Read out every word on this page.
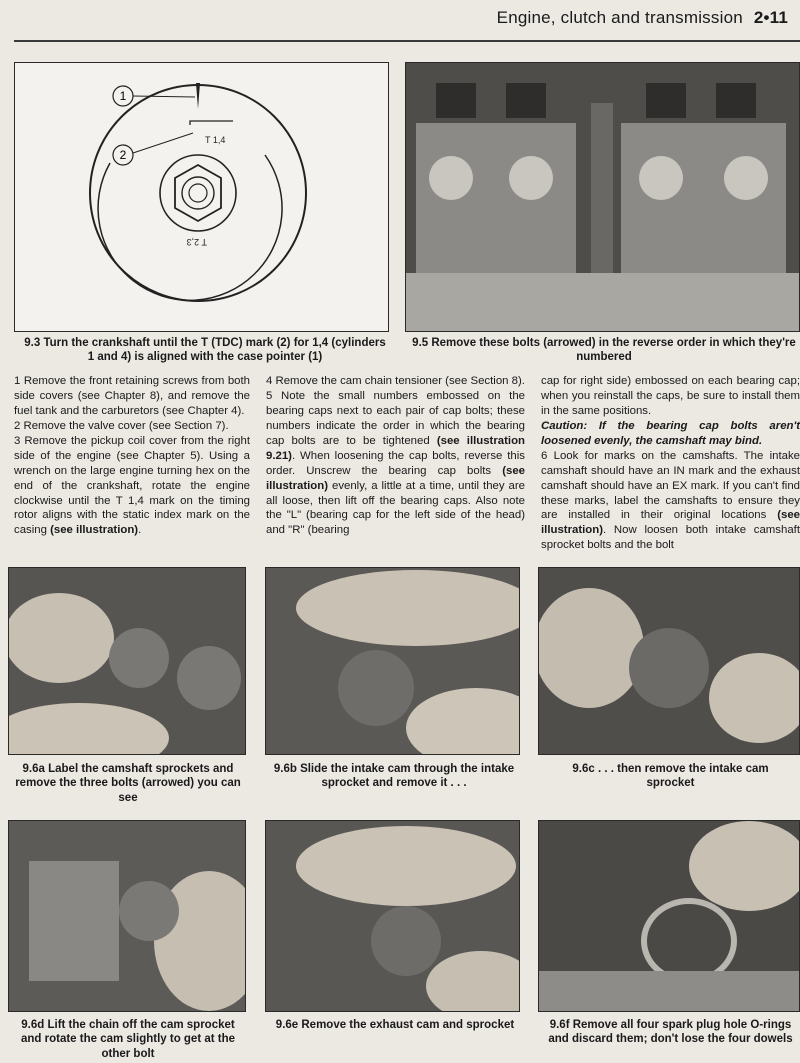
Engine, clutch and transmission 2•11
1
2
T 1,4
T 2,3
9.3 Turn the crankshaft until the T (TDC) mark (2) for 1,4 (cylinders 1 and 4) is aligned with the case pointer (1)
9.5 Remove these bolts (arrowed) in the reverse order in which they're numbered

1 Remove the front retaining screws from both side covers (see Chapter 8), and remove the fuel tank and the carburetors (see Chapter 4).

2 Remove the valve cover (see Section 7).

3 Remove the pickup coil cover from the right side of the engine (see Chapter 5). Using a wrench on the large engine turning hex on the end of the crankshaft, rotate the engine clockwise until the T 1,4 mark on the timing rotor aligns with the static index mark on the casing (see illustration).

4 Remove the cam chain tensioner (see Section 8).

5 Note the small numbers embossed on the bearing caps next to each pair of cap bolts; these numbers indicate the order in which the bearing cap bolts are to be tightened (see illustration 9.21). When loosening the cap bolts, reverse this order. Unscrew the bearing cap bolts (see illustration) evenly, a little at a time, until they are all loose, then lift off the bearing caps. Also note the "L" (bearing cap for the left side of the head) and "R" (bearing

cap for right side) embossed on each bearing cap; when you reinstall the caps, be sure to install them in the same positions.

Caution: If the bearing cap bolts aren't loosened evenly, the camshaft may bind.

6 Look for marks on the camshafts. The intake camshaft should have an IN mark and the exhaust camshaft should have an EX mark. If you can't find these marks, label the camshafts to ensure they are installed in their original locations (see illustration). Now loosen both intake camshaft sprocket bolts and the bolt

9.6a Label the camshaft sprockets and remove the three bolts (arrowed) you can see
9.6b Slide the intake cam through the intake sprocket and remove it . . .
9.6c . . . then remove the intake cam sprocket
9.6d Lift the chain off the cam sprocket and rotate the cam slightly to get at the other bolt
9.6e Remove the exhaust cam and sprocket	9.6f Remove all four spark plug hole O-rings and discard them; don't lose the four dowels
